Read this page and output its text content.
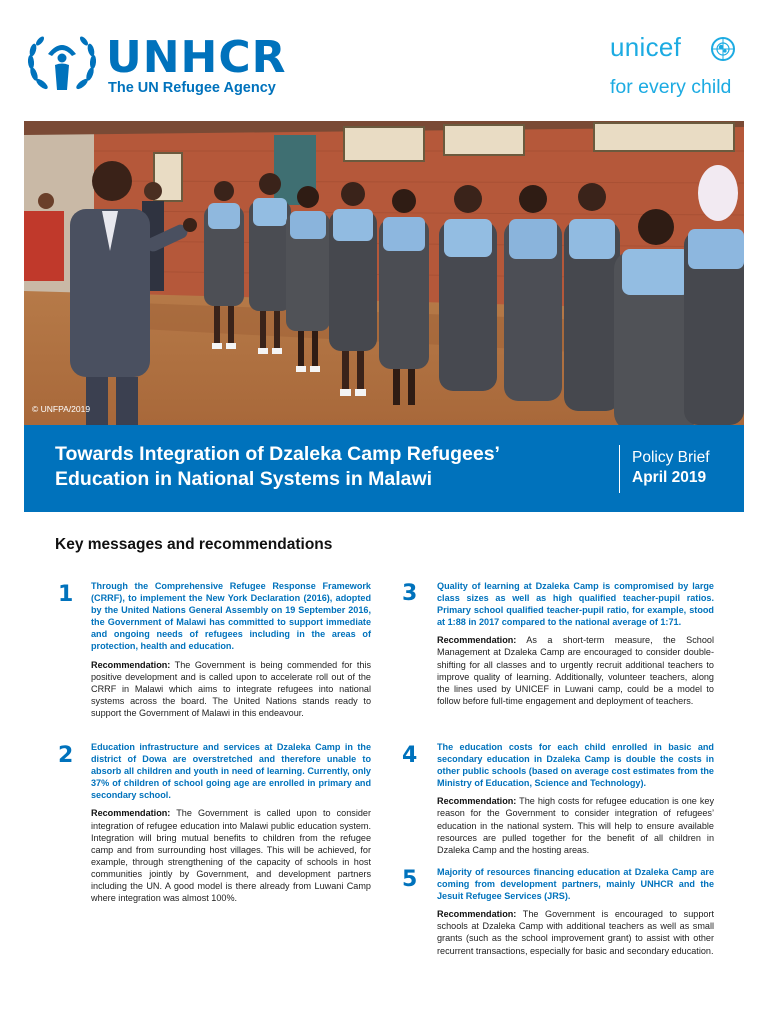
UNHCR
The UN Refugee Agency
unicef
for every child
© UNFPA/2019
Towards Integration of Dzaleka Camp Refugees’ Education in National Systems in Malawi
Policy Brief
April 2019
Key messages and recommendations
1 Through the Comprehensive Refugee Response Framework (CRRF), to implement the New York Declaration (2016), adopted by the United Nations General Assembly on 19 September 2016, the Government of Malawi has committed to support immediate and ongoing needs of refugees including in the areas of protection, health and education.
Recommendation: The Government is being commended for this positive development and is called upon to accelerate roll out of the CRRF in Malawi which aims to integrate refugees into national systems across the board. The United Nations stands ready to support the Government of Malawi in this endeavour.
2 Education infrastructure and services at Dzaleka Camp in the district of Dowa are overstretched and therefore unable to absorb all children and youth in need of learning. Currently, only 37% of children of school going age are enrolled in primary and secondary school.
Recommendation: The Government is called upon to consider integration of refugee education into Malawi public education system. Integration will bring mutual benefits to children from the refugee camp and from surrounding host villages. This will be achieved, for example, through strengthening of the capacity of schools in host communities jointly by Government, and development partners including the UN. A good model is there already from Luwani Camp where integration was almost 100%.
3 Quality of learning at Dzaleka Camp is compromised by large class sizes as well as high qualified teacher-pupil ratios. Primary school qualified teacher-pupil ratio, for example, stood at 1:88 in 2017 compared to the national average of 1:71.
Recommendation: As a short-term measure, the School Management at Dzaleka Camp are encouraged to consider double-shifting for all classes and to urgently recruit additional teachers to improve quality of learning. Additionally, volunteer teachers, along the lines used by UNICEF in Luwani camp, could be a model to follow before full-time engagement and deployment of teachers.
4 The education costs for each child enrolled in basic and secondary education in Dzaleka Camp is double the costs in other public schools (based on average cost estimates from the Ministry of Education, Science and Technology).
Recommendation: The high costs for refugee education is one key reason for the Government to consider integration of refugees’ education in the national system. This will help to ensure available resources are pulled together for the benefit of all children in Dzaleka Camp and the hosting areas.
5 Majority of resources financing education at Dzaleka Camp are coming from development partners, mainly UNHCR and the Jesuit Refugee Services (JRS).
Recommendation: The Government is encouraged to support schools at Dzaleka Camp with additional teachers as well as small grants (such as the school improvement grant) to assist with other recurrent transactions, especially for basic and secondary education.
